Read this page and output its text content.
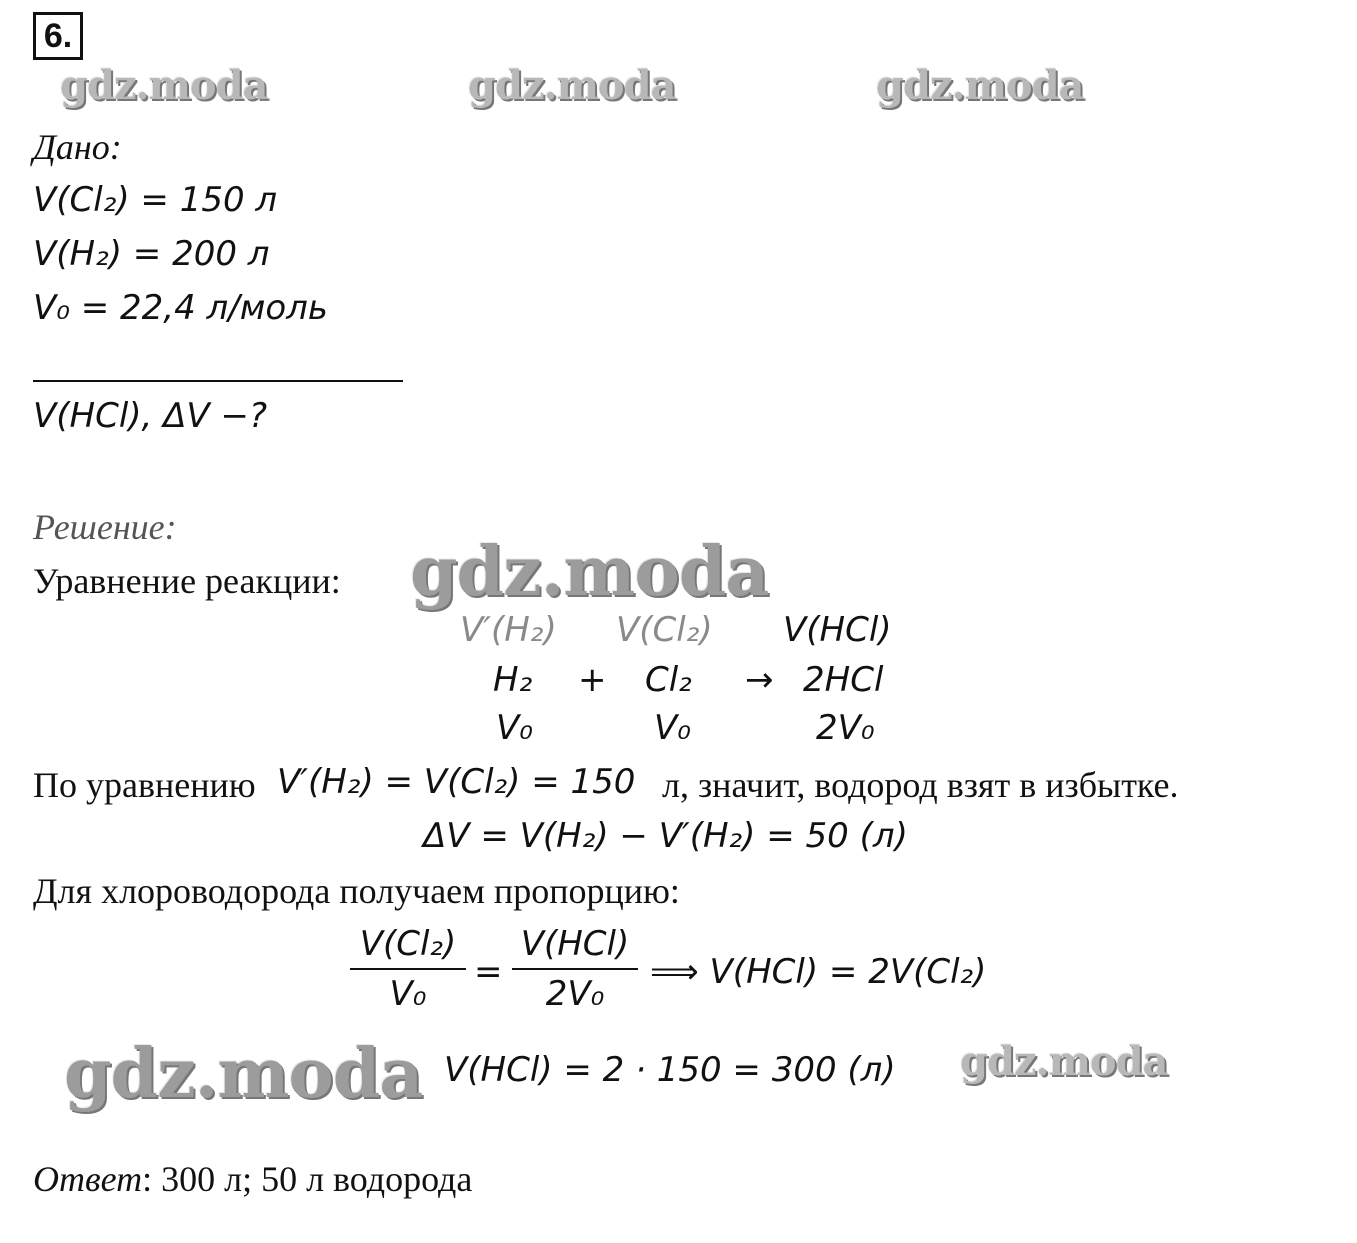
6.
gdz.moda	gdz.moda	gdz.moda
Дано:
V(Cl₂) = 150 л
V(H₂) = 200 л
V₀ = 22,4 л/моль
V(HCl), ΔV −?
Решение:
Уравнение реакции: gdz.moda
V′(H₂) V(Cl₂) V(HCl)
H₂ + Cl₂ → 2HCl
V₀	V₀	2V₀
По уравнению V′(H₂) = V(Cl₂) = 150 л, значит, водород взят в избытке.
ΔV = V(H₂) − V′(H₂) = 50 (л)
Для хлороводорода получаем пропорцию:
$\frac{\text{V(Cl₂)}}{\text{V₀}}$ =
V(HCl)
2V₀
⟹ V(HCl) = 2V(Cl₂)
gdz.moda V(HCl) = 2 · 150 = 300 (л) gdz.moda
Ответ: 300 л; 50 л водорода
